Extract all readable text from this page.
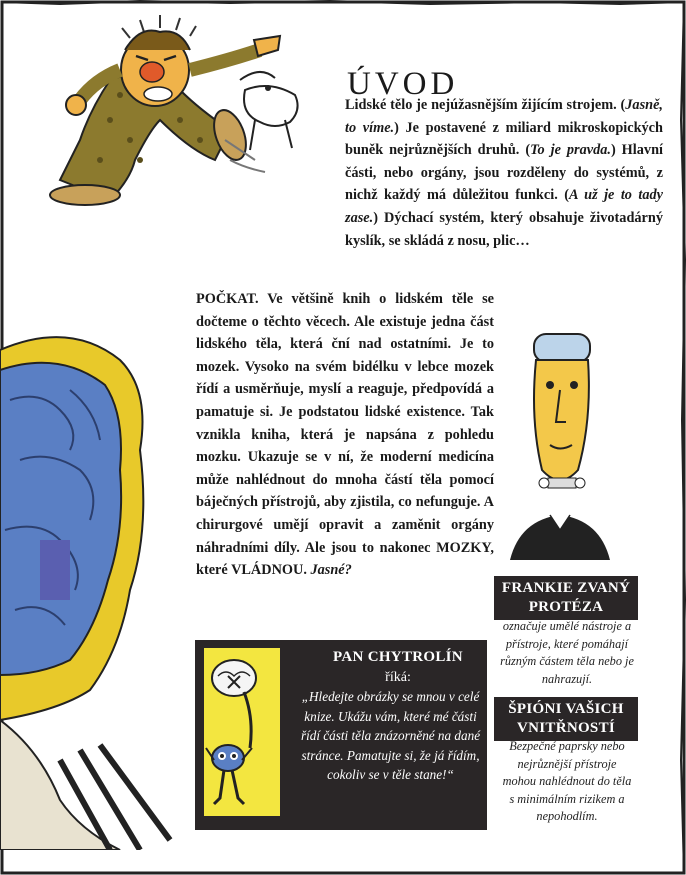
ÚVOD

Lidské tělo je nejúžasnějším žijícím strojem. (Jasně, to víme.) Je postavené z miliard mikroskopických buněk nejrůznějších druhů. (To je pravda.) Hlavní části, nebo orgány, jsou rozděleny do systémů, z nichž každý má důležitou funkci. (A už je to tady zase.) Dýchací systém, který obsahuje životadárný kyslík, se skládá z nosu, plic…

POČKAT. Ve většině knih o lidském těle se dočteme o těchto věcech. Ale existuje jedna část lidského těla, která ční nad ostatními. Je to mozek. Vysoko na svém bidélku v lebce mozek řídí a usměrňuje, myslí a reaguje, předpovídá a pamatuje si. Je podstatou lidské existence. Tak vznikla kniha, která je napsána z pohledu mozku. Ukazuje se v ní, že moderní medicína může nahlédnout do mnoha částí těla pomocí báječných přístrojů, aby zjistila, co nefunguje. A chirurgové umějí opravit a zaměnit orgány náhradními díly. Ale jsou to nakonec MOZKY, které VLÁDNOU. Jasné?

FRANKIE ZVANÝ
PROTÉZA
označuje umělé nástroje a přístroje, které pomáhají různým částem těla nebo je nahrazují.
ŠPIÓNI VAŠICH
VNITŘNOSTÍ
Bezpečné paprsky nebo nejrůznější přístroje mohou nahlédnout do těla s minimálním rizikem a nepohodlím.
PAN CHYTROLÍN
říká:
„Hledejte obrázky se mnou v celé knize. Ukážu vám, které mé části řídí části těla znázorněné na dané stránce. Pamatujte si, že já řídím, cokoliv se v těle stane!“
